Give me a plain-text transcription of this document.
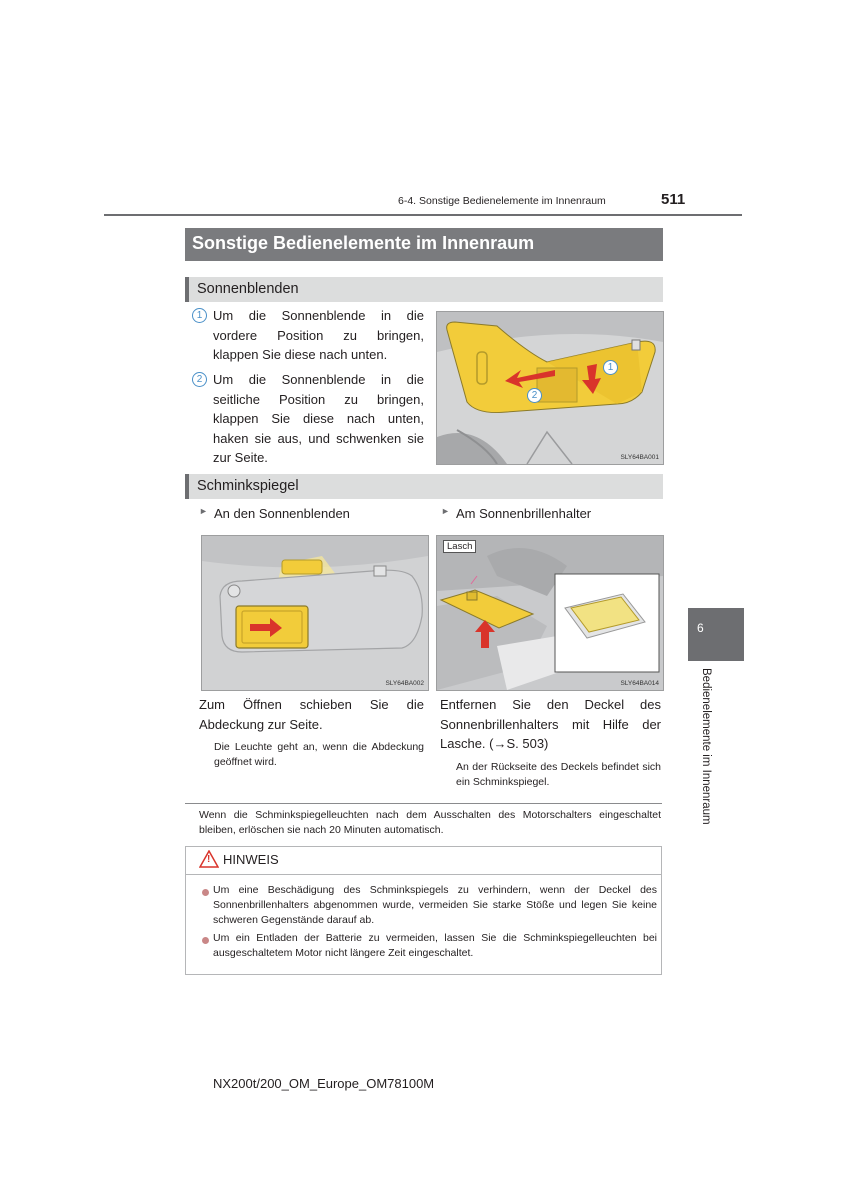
6-4. Sonstige Bedienelemente im Innenraum	511
Sonstige Bedienelemente im Innenraum
Sonnenblenden
1 Um die Sonnenblende in die vordere Position zu bringen, klappen Sie diese nach unten.
2 Um die Sonnenblende in die seitliche Position zu bringen, klappen Sie diese nach unten, haken sie aus, und schwenken sie zur Seite.
1
2
SLY64BA001
Schminkspiegel
► An den Sonnenblenden	► Am Sonnenbrillenhalter
SLY64BA002
Lasch
SLY64BA014
Zum Öffnen schieben Sie die Abdeckung zur Seite.
Die Leuchte geht an, wenn die Abdeckung geöffnet wird.
Entfernen Sie den Deckel des Sonnenbrillenhalters mit Hilfe der Lasche. (→S. 503)
An der Rückseite des Deckels befindet sich ein Schminkspiegel.
Wenn die Schminkspiegelleuchten nach dem Ausschalten des Motorschalters eingeschaltet bleiben, erlöschen sie nach 20 Minuten automatisch.
! HINWEIS
Um eine Beschädigung des Schminkspiegels zu verhindern, wenn der Deckel des Sonnenbrillenhalters abgenommen wurde, vermeiden Sie starke Stöße und legen Sie keine schweren Gegenstände darauf ab.
Um ein Entladen der Batterie zu vermeiden, lassen Sie die Schminkspiegelleuchten bei ausgeschaltetem Motor nicht längere Zeit eingeschaltet.
6
Bedienelemente im Innenraum
NX200t/200_OM_Europe_OM78100M
